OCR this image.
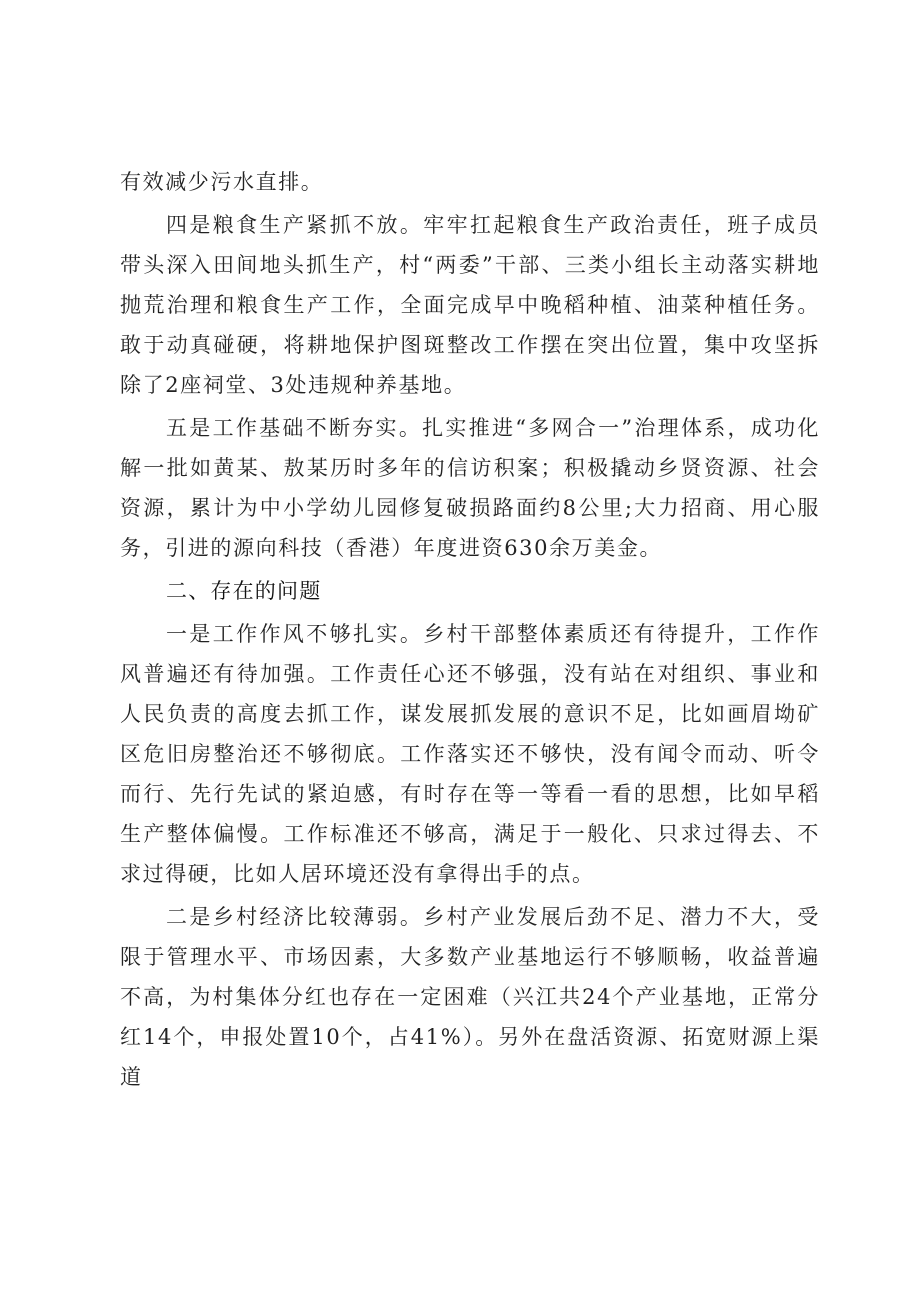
有效减少污水直排。

四是粮食生产紧抓不放。牢牢扛起粮食生产政治责任，班子成员带头深入田间地头抓生产，村“两委”干部、三类小组长主动落实耕地抛荒治理和粮食生产工作，全面完成早中晚稻种植、油菜种植任务。敢于动真碰硬，将耕地保护图斑整改工作摆在突出位置，集中攻坚拆除了2座祠堂、3处违规种养基地。

五是工作基础不断夯实。扎实推进“多网合一”治理体系，成功化解一批如黄某、敖某历时多年的信访积案；积极撬动乡贤资源、社会资源，累计为中小学幼儿园修复破损路面约8公里;大力招商、用心服务，引进的源向科技（香港）年度进资630余万美金。

二、存在的问题

一是工作作风不够扎实。乡村干部整体素质还有待提升，工作作风普遍还有待加强。工作责任心还不够强，没有站在对组织、事业和人民负责的高度去抓工作，谋发展抓发展的意识不足，比如画眉坳矿区危旧房整治还不够彻底。工作落实还不够快，没有闻令而动、听令而行、先行先试的紧迫感，有时存在等一等看一看的思想，比如早稻生产整体偏慢。工作标准还不够高，满足于一般化、只求过得去、不求过得硬，比如人居环境还没有拿得出手的点。

二是乡村经济比较薄弱。乡村产业发展后劲不足、潜力不大，受限于管理水平、市场因素，大多数产业基地运行不够顺畅，收益普遍不高，为村集体分红也存在一定困难（兴江共24个产业基地，正常分红14个，申报处置10个，占41%）。另外在盘活资源、拓宽财源上渠道
